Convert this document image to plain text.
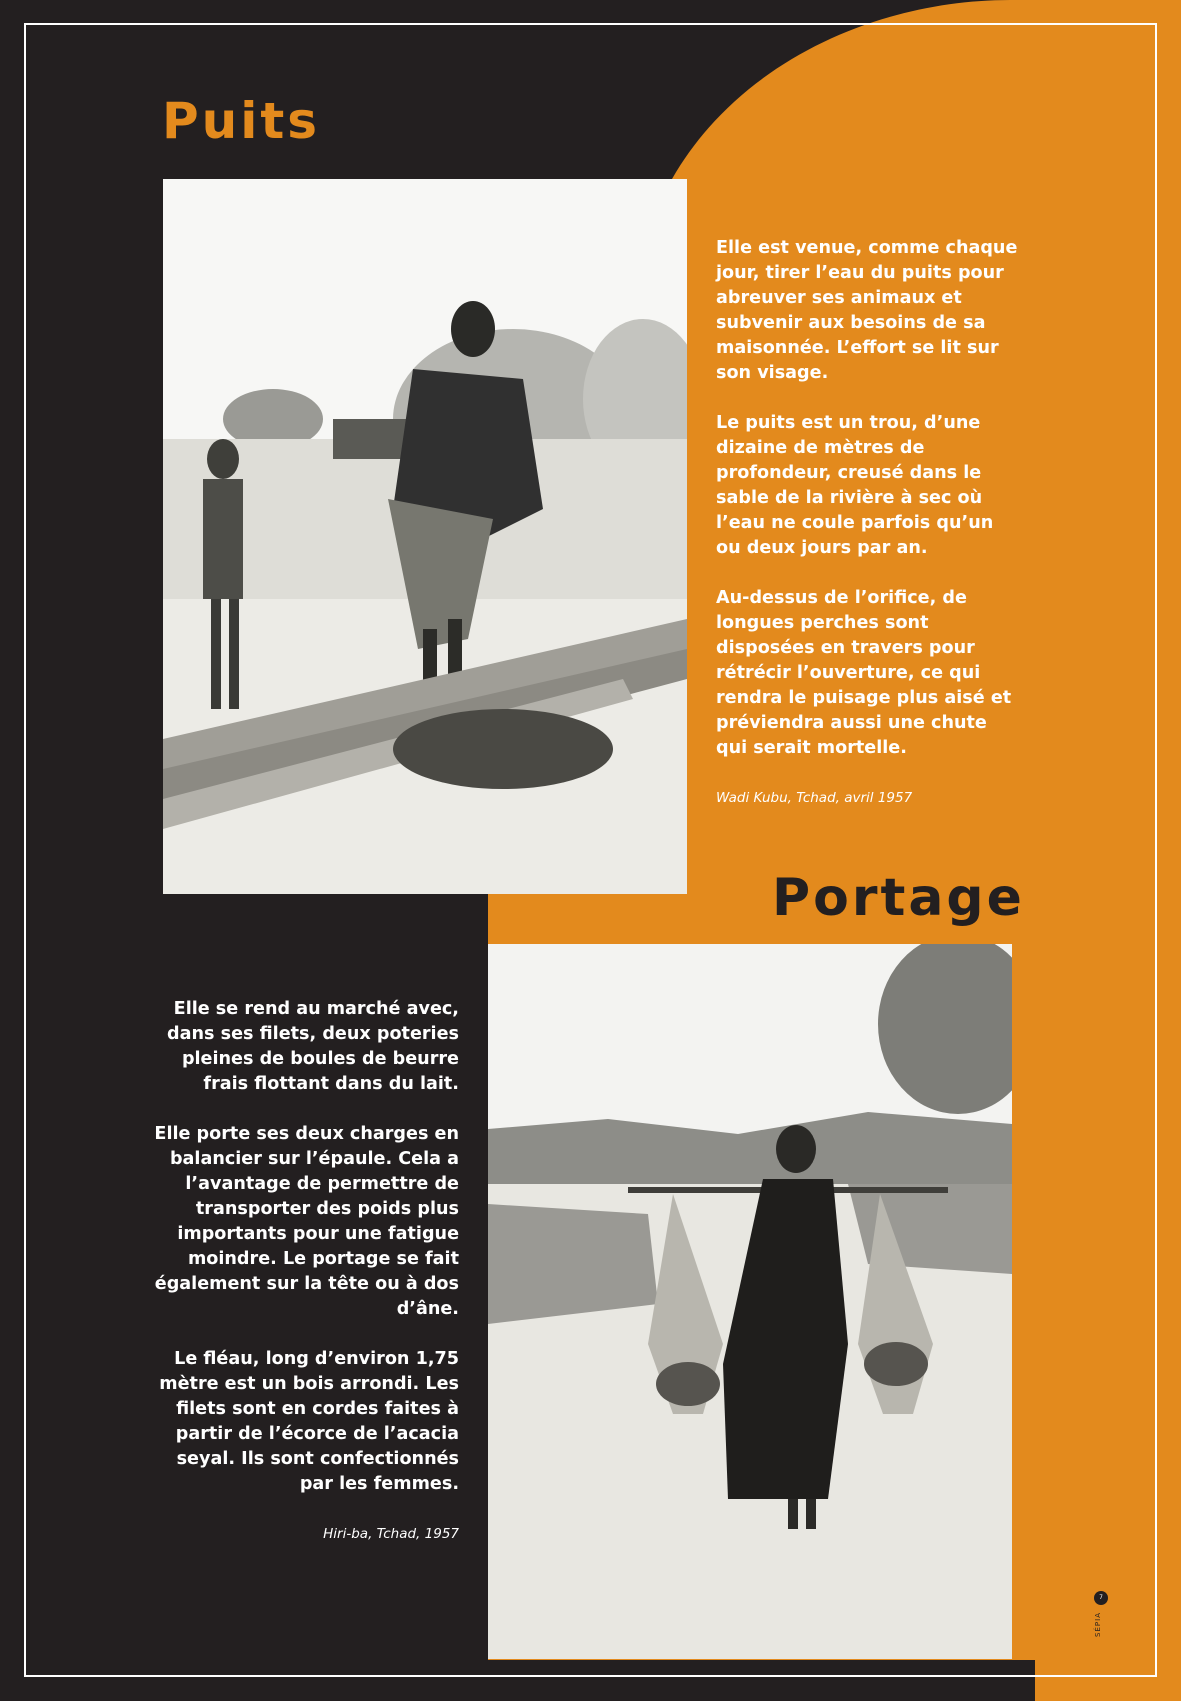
Puits

Elle est venue, comme chaque jour, tirer l’eau du puits pour abreuver ses animaux et subvenir aux besoins de sa maisonnée. L’effort se lit sur son visage.

Le puits est un trou, d’une dizaine de mètres de profondeur, creusé dans le sable de la rivière à sec où l’eau ne coule parfois qu’un ou deux jours par an.

Au-dessus de l’orifice, de longues perches sont disposées en travers pour rétrécir l’ouverture, ce qui rendra le puisage plus aisé et préviendra aussi une chute qui serait mortelle.

Wadi Kubu, Tchad, avril 1957

Portage

Elle se rend au marché avec, dans ses filets, deux poteries pleines de boules de beurre frais flottant dans du lait.

Elle porte ses deux charges en balancier sur l’épaule. Cela a l’avantage de permettre de transporter des poids plus importants pour une fatigue moindre. Le portage se fait également sur la tête ou à dos d’âne.

Le fléau, long d’environ 1,75 mètre est un bois arrondi. Les filets sont en cordes faites à partir de l’écorce de l’acacia seyal. Ils sont confectionnés par les femmes.

Hiri-ba, Tchad, 1957

7
SÉPIA
